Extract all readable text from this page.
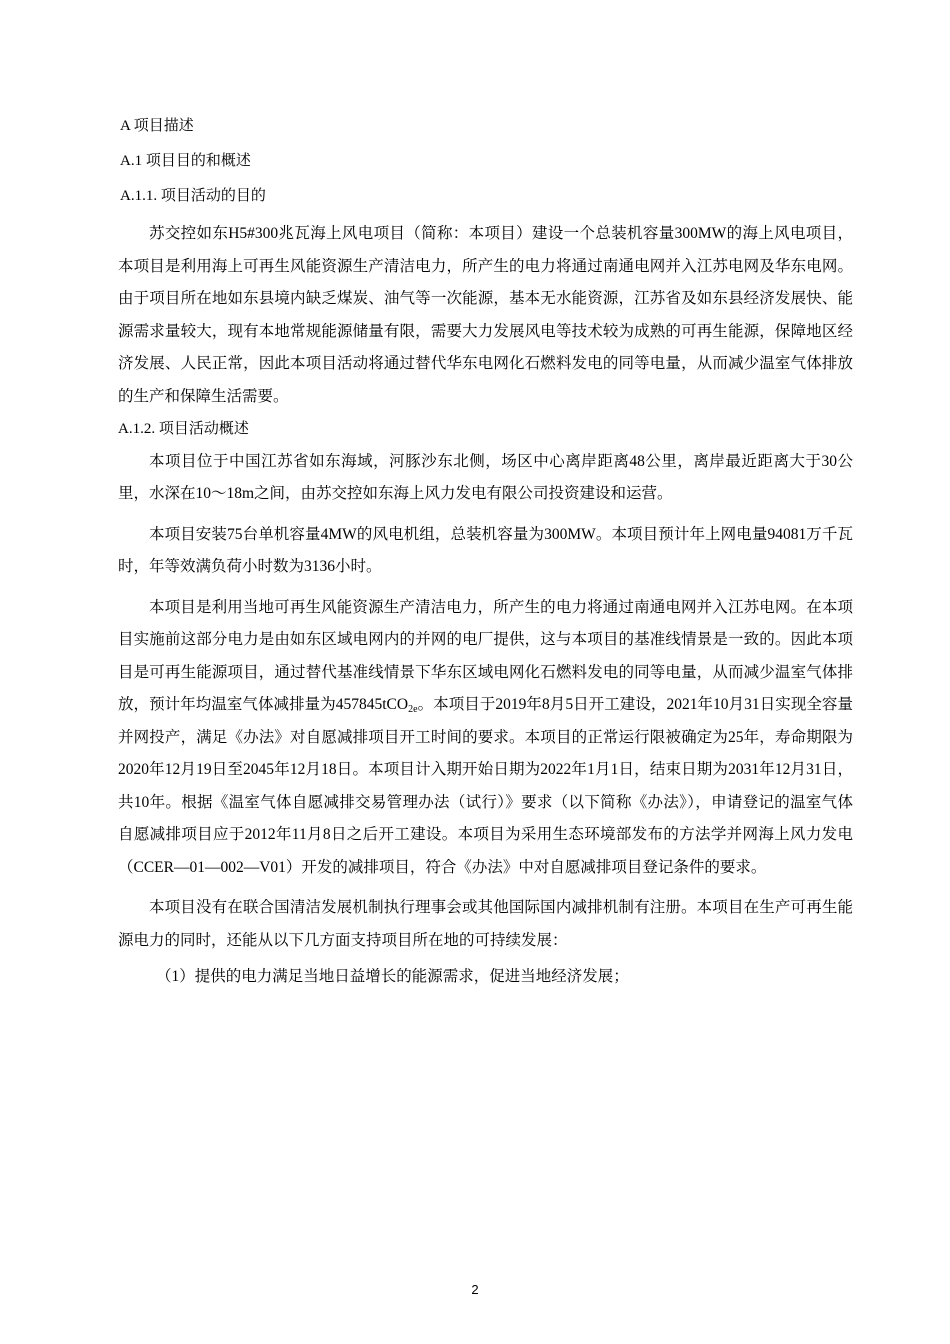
A 项目描述
A.1 项目目的和概述
A.1.1. 项目活动的目的

苏交控如东H5#300兆瓦海上风电项目（简称：本项目）建设一个总装机容量300MW的海上风电项目，本项目是利用海上可再生风能资源生产清洁电力，所产生的电力将通过南通电网并入江苏电网及华东电网。由于项目所在地如东县境内缺乏煤炭、油气等一次能源，基本无水能资源，江苏省及如东县经济发展快、能源需求量较大，现有本地常规能源储量有限，需要大力发展风电等技术较为成熟的可再生能源，保障地区经济发展、人民正常，因此本项目活动将通过替代华东电网化石燃料发电的同等电量，从而减少温室气体排放的生产和保障生活需要。

A.1.2. 项目活动概述

本项目位于中国江苏省如东海域，河豚沙东北侧，场区中心离岸距离48公里，离岸最近距离大于30公里，水深在10～18m之间，由苏交控如东海上风力发电有限公司投资建设和运营。

本项目安装75台单机容量4MW的风电机组，总装机容量为300MW。本项目预计年上网电量94081万千瓦时，年等效满负荷小时数为3136小时。

本项目是利用当地可再生风能资源生产清洁电力，所产生的电力将通过南通电网并入江苏电网。在本项目实施前这部分电力是由如东区域电网内的并网的电厂提供，这与本项目的基准线情景是一致的。因此本项目是可再生能源项目，通过替代基准线情景下华东区域电网化石燃料发电的同等电量，从而减少温室气体排放，预计年均温室气体减排量为457845tCO$_{2e}$。本项目于2019年8月5日开工建设，2021年10月31日实现全容量并网投产，满足《办法》对自愿减排项目开工时间的要求。本项目的正常运行限被确定为25年，寿命期限为2020年12月19日至2045年12月18日。本项目计入期开始日期为2022年1月1日，结束日期为2031年12月31日，共10年。根据《温室气体自愿减排交易管理办法（试行）》要求（以下简称《办法》），申请登记的温室气体自愿减排项目应于2012年11月8日之后开工建设。本项目为采用生态环境部发布的方法学并网海上风力发电（CCER—01—002—V01）开发的减排项目，符合《办法》中对自愿减排项目登记条件的要求。

本项目没有在联合国清洁发展机制执行理事会或其他国际国内减排机制有注册。本项目在生产可再生能源电力的同时，还能从以下几方面支持项目所在地的可持续发展：

（1）提供的电力满足当地日益增长的能源需求，促进当地经济发展；

2
